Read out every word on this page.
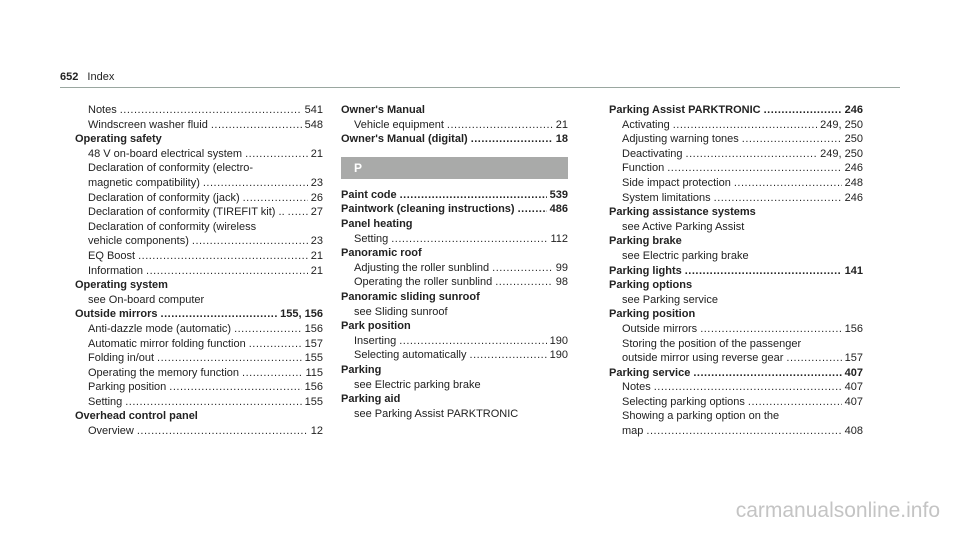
652 Index
Notes .....	541
Windscreen washer fluid .....	548
Operating safety
48 V on-board electrical system .....	21
Declaration of conformity (electro-
magnetic compatibility) .....	23
Declaration of conformity (jack) .....	26
Declaration of conformity (TIREFIT kit) .. ..... 27
Declaration of conformity (wireless
vehicle components) .....	23
EQ Boost .....	21
Information .....	21
Operating system
see On-board computer
Outside mirrors .....	155, 156
Anti-dazzle mode (automatic) .....	156
Automatic mirror folding function .....	157
Folding in/out .....	155
Operating the memory function .....	115
Parking position .....	156
Setting .....	155
Overhead control panel
Overview .....	12
Owner's Manual
Vehicle equipment .....	21
Owner's Manual (digital) .....	18
P
Paint code .....	539
Paintwork (cleaning instructions) .....	486
Panel heating
Setting .....	112
Panoramic roof
Adjusting the roller sunblind .....	99
Operating the roller sunblind .....	98
Panoramic sliding sunroof
see Sliding sunroof
Park position
Inserting .....	190
Selecting automatically .....	190
Parking
see Electric parking brake
Parking aid
see Parking Assist PARKTRONIC
Parking Assist PARKTRONIC .....	246
Activating .....	249, 250
Adjusting warning tones .....	250
Deactivating .....	249, 250
Function .....	246
Side impact protection .....	248
System limitations .....	246
Parking assistance systems
see Active Parking Assist
Parking brake
see Electric parking brake
Parking lights .....	141
Parking options
see Parking service
Parking position
Outside mirrors .....	156
Storing the position of the passenger
outside mirror using reverse gear .....	157
Parking service .....	407
Notes .....	407
Selecting parking options .....	407
Showing a parking option on the
map .....	408
carmanualsonline.info
